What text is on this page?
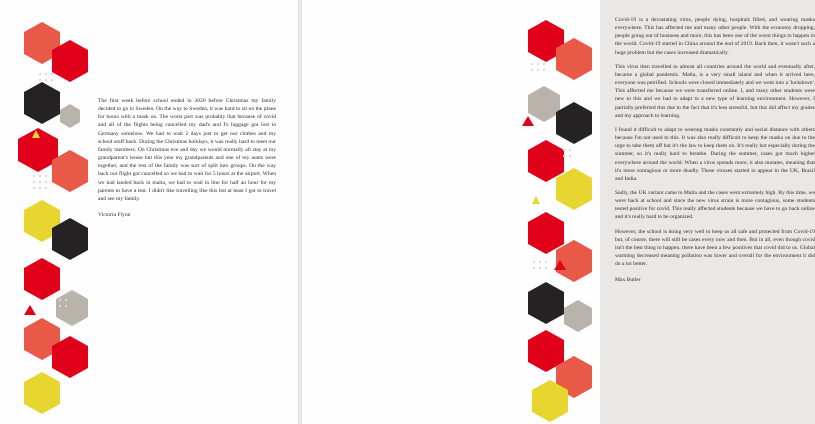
The first week before school ended in 2020 before Christmas my family decided to go to Sweden. On the way to Sweden, it was hard to sit on the plane for hours with a mask on. The worst part was probably that because of covid and all of the flights being cancelled my dad's and I's luggage got lost in Germany somehow. We had to wait 2 days just to get our clothes and my school stuff back. During the Christmas holidays, it was really hard to meet our family members. On Christmas eve and day we would normally all stay at my grandparent's house but this year my grandparents and one of my aunts were together, and the rest of the family was sort of split into groups. On the way back our flight got cancelled so we had to wait for 5 hours at the airport. When we had landed back in malta, we had to wait in line for half an hour for my parents to have a test. I didn't like travelling like this but at least I got to travel and see my family.

Victoria Flynn

Covid-19 is a devastating virus, people dying, hospitals filled, and wearing masks everywhere. This has affected me and many other people. With the economy dropping, people going out of business and more, this has been one of the worst things to happen in the world. Covid-19 started in China around the end of 2019. Back then, it wasn't such a huge problem but the cases increased dramatically.

This virus then travelled to almost all countries around the world and eventually after, became a global pandemic. Malta, is a very small island and when it arrived here, everyone was petrified. Schools were closed immediately and we went into a 'lockdown'. This affected me because we were transferred online. I, and many other students were new to this and we had to adapt to a new type of learning environment. However, I partially preferred this due to the fact that it's less stressful, but this did affect my grades and my approach to learning.

I found it difficult to adapt to wearing masks constantly and social distance with others because I'm not used to this. It was also really difficult to keep the masks on due to the urge to take them off but it's the law to keep them on. It's really hot especially during the summer, so it's really hard to breathe. During the summer, cases got much higher everywhere around the world. When a virus spreads more, it also mutates, meaning that it's more contagious or more deadly. These viruses started to appear in the UK, Brazil and India.

Sadly, the UK variant came to Malta and the cases went extremely high. By this time, we were back at school and since the new virus strain is more contagious, some students tested positive for covid. This really affected students because we have to go back online and it's really hard to be organized.

However, the school is doing very well to keep us all safe and protected from Covid-19 but, of course, there will still be cases every now and then. But in all, even though covid isn't the best thing to happen, there have been a few positives that covid did to us. Global warming decreased meaning pollution was lower and overall for the environment it did do a lot better.

Max Butler
